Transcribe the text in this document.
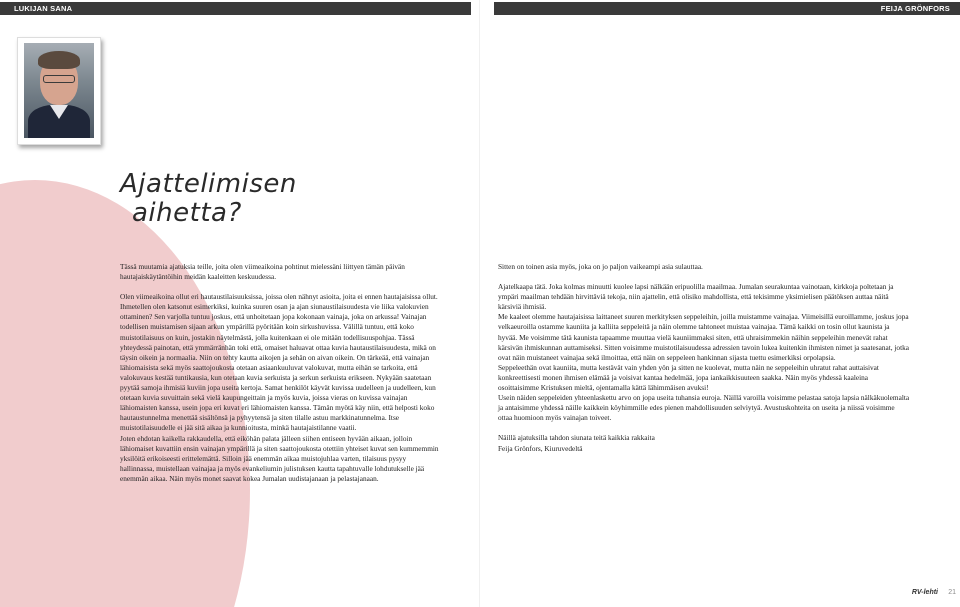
LUKIJAN SANA
Ajattelimisen
aihetta?

Tässä muutamia ajatuksia teille, joita olen viimeaikoina pohtinut mielessäni liittyen tämän päivän hautajaiskäytäntöihin meidän kaaleitten keskuudessa.

Olen viimeaikoina ollut eri hautaustilaisuuksissa, joissa olen nähnyt asioita, joita ei ennen hautajaisissa ollut. Ihmetellen olen katsonut esimerkiksi, kuinka suuren osan ja ajan siunaustilaisuudesta vie liika valokuvien ottaminen? Sen varjolla tuntuu joskus, että unhoitetaan jopa kokonaan vainaja, joka on arkussa! Vainajan todellisen muistamisen sijaan arkun ympärillä pyöritään koin sirkushuvissa. Välillä tuntuu, että koko muistotilaisuus on kuin, jostakin näytelmästä, jolla kuitenkaan ei ole mitään todellisuuspohjaa. Tässä yhteydessä painotan, että ymmärränhän toki että, omaiset haluavat ottaa kuvia hautaustilaisuudesta, mikä on täysin oikein ja normaalia. Niin on tehty kautta aikojen ja sehän on aivan oikein. On tärkeää, että vainajan lähiomaisista sekä myös saattojoukosta otetaan asiaankuuluvat valokuvat, mutta eihän se tarkoita, että valokuvaus kestää tuntikausia, kun otetaan kuvia serkuista ja serkun serkuista erikseen. Nykyään saatetaan pyytää samoja ihmisiä kuviin jopa useita kertoja. Samat henkilöt käyvät kuvissa uudelleen ja uudelleen, kun otetaan kuvia suvuittain sekä vielä kaupungeittain ja myös kuvia, joissa vieras on kuvissa vainajan lähiomaisten kanssa, usein jopa eri kuvat eri lähiomaisten kanssa. Tämän myötä käy niin, että helposti koko hautaustunnelma menettää sisältönsä ja pyhyytensä ja siten tilalle astuu markkinatunnelma. Itse muistotilaisuudelle ei jää sitä aikaa ja kunnioitusta, minkä hautajaistilanne vaatii.

Joten ehdotan kaikella rakkaudella, että eiköhän palata jälleen siihen entiseen hyvään aikaan, jolloin lähiomaiset kuvattiin ensin vainajan ympärillä ja siten saattojoukosta otettiin yhteiset kuvat sen kummemmin yksilöitä erikoiseesti erittelemättä. Silloin jää enemmän aikaa muistojuhlaa varten, tilaisuus pysyy hallinnassa, muistellaan vainajaa ja myös evankeliumin julistuksen kautta tapahtuvalle lohdutukselle jää enemmän aikaa. Näin myös monet saavat kokea Jumalan uudistajanaan ja pelastajanaan.

FEIJA GRÖNFORS

Sitten on toinen asia myös, joka on jo paljon vaikeampi asia sulauttaa.

Ajatelkaapa tätä. Joka kolmas minuutti kuolee lapsi nälkään eripuolilla maailmaa. Jumalan seurakuntaa vainotaan, kirkkoja poltetaan ja ympäri maailman tehdään hirvittäviä tekoja, niin ajattelin, että olisiko mahdollista, että tekisimme yksimielisen päätöksen auttaa näitä kärsiviä ihmisiä.

Me kaaleet olemme hautajaisissa laittaneet suuren merkityksen seppeleihin, joilla muistamme vainajaa. Viimeisillä euroillamme, joskus jopa velkaeuroilla ostamme kauniita ja kalliita seppeleitä ja näin olemme tahtoneet muistaa vainajaa. Tämä kaikki on tosin ollut kaunista ja hyvää. Me voisimme tätä kaunista tapaamme muuttaa vielä kauniimmaksi siten, että uhraisimmekin näihin seppeleihin menevät rahat kärsivän ihmiskunnan auttamiseksi. Sitten voisimme muistotilaisuudessa adressien tavoin lukea kuitenkin ihmisten nimet ja saatesanat, jotka ovat näin muistaneet vainajaa sekä ilmoittaa, että näin on seppeleen hankinnan sijasta tuettu esimerkiksi orpolapsia.

Seppeleethän ovat kauniita, mutta kestävät vain yhden yön ja sitten ne kuolevat, mutta näin ne seppeleihin uhratut rahat auttaisivat konkreettisesti monen ihmisen elämää ja voisivat kantaa hedelmää, jopa iankaikkisuuteen saakka. Näin myös yhdessä kaaleina osoittaisimme Kristuksen mieltä, ojentamalla kättä lähimmäisen avuksi!

Usein näiden seppeleiden yhteenlaskettu arvo on jopa useita tuhansia euroja. Näillä varoilla voisimme pelastaa satoja lapsia nälkäkuolemalta ja antaisimme yhdessä näille kaikkein köyhimmille edes pienen mahdollisuuden selviytyä. Avustuskohteita on useita ja niissä voisimme ottaa huomioon myös vainajan toiveet.

Näillä ajatuksilla tahdon siunata teitä kaikkia rakkaita

Feija Grönfors, Kiuruvedeltä

RV-lehti 21
